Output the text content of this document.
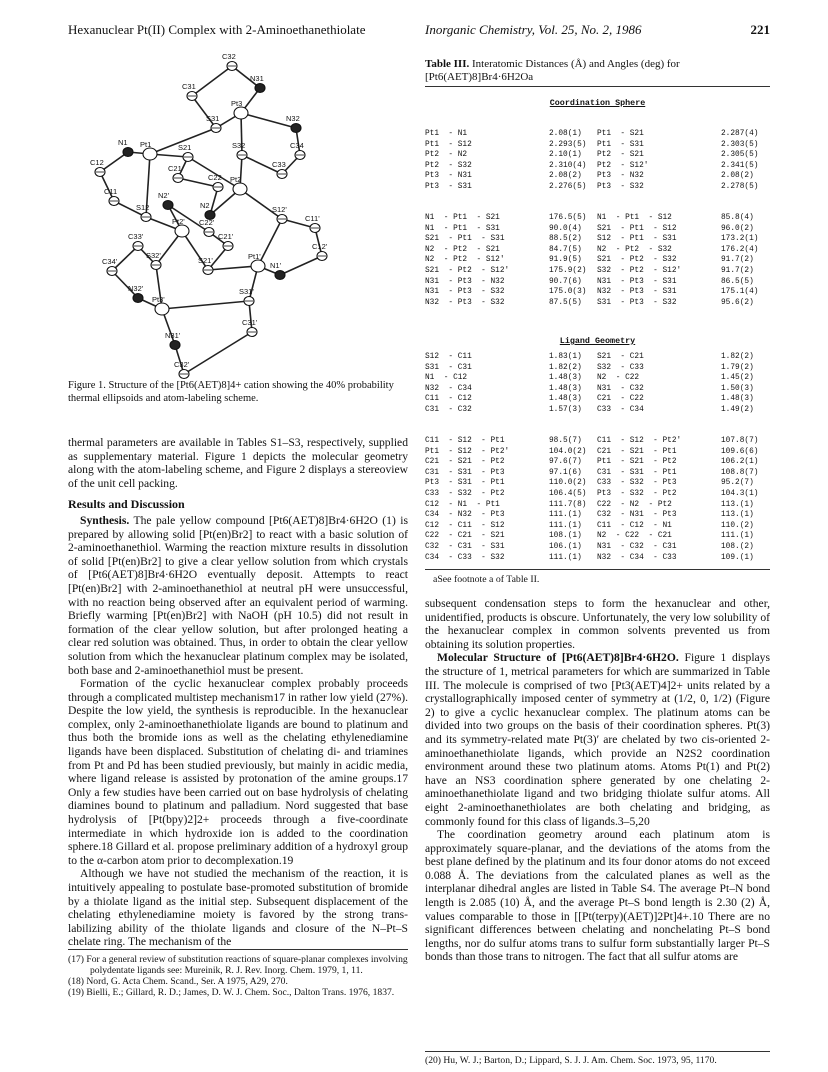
Hexanuclear Pt(II) Complex with 2-Aminoethanethiolate	Inorganic Chemistry, Vol. 25, No. 2, 1986	221
C32
N31
C31
Pt3
S31	N32
N1 Pt1	S21	S32	C34
C12
C21	C33
C22 Pt2
C11	N2'
N2
S12	S12'
Pt2' C22'	C11'
C21'
C33'
C12'
S32'
S21'	Pt1'
C34'	N1'
N32'	S31'
Pt3'
C31'
N31'
C32'
Figure 1. Structure of the [Pt6(AET)8]4+ cation showing the 40% probability thermal ellipsoids and atom-labeling scheme.

thermal parameters are available in Tables S1–S3, respectively, supplied as supplementary material. Figure 1 depicts the molecular geometry along with the atom-labeling scheme, and Figure 2 displays a stereoview of the unit cell packing.

Results and Discussion

Synthesis. The pale yellow compound [Pt6(AET)8]Br4·6H2O (1) is prepared by allowing solid [Pt(en)Br2] to react with a basic solution of 2-aminoethanethiol. Warming the reaction mixture results in dissolution of solid [Pt(en)Br2] to give a clear yellow solution from which crystals of [Pt6(AET)8]Br4·6H2O eventually deposit. Attempts to react [Pt(en)Br2] with 2-aminoethanethiol at neutral pH were unsuccessful, with no reaction being observed after an equivalent period of warming. Briefly warming [Pt(en)Br2] with NaOH (pH 10.5) did not result in formation of the clear yellow solution, but after prolonged heating a clear red solution was obtained. Thus, in order to obtain the clear yellow solution from which the hexanuclear platinum complex may be isolated, both base and 2-aminoethanethiol must be present.

Formation of the cyclic hexanuclear complex probably proceeds through a complicated multistep mechanism17 in rather low yield (27%). Despite the low yield, the synthesis is reproducible. In the hexanuclear complex, only 2-aminoethanethiolate ligands are bound to platinum and thus both the bromide ions as well as the chelating ethylenediamine ligands have been displaced. Substitution of chelating di- and triamines from Pt and Pd has been studied previously, but mainly in acidic media, where ligand release is assisted by protonation of the amine groups.17 Only a few studies have been carried out on base hydrolysis of chelating diamines bound to platinum and palladium. Nord suggested that base hydrolysis of [Pt(bpy)2]2+ proceeds through a five-coordinate intermediate in which hydroxide ion is added to the coordination sphere.18 Gillard et al. propose preliminary addition of a hydroxyl group to the α-carbon atom prior to decomplexation.19

Although we have not studied the mechanism of the reaction, it is intuitively appealing to postulate base-promoted substitution of bromide by a thiolate ligand as the initial step. Subsequent displacement of the chelating ethylenediamine moiety is favored by the strong trans-labilizing ability of the thiolate ligands and closure of the N–Pt–S chelate ring. The mechanism of the

(17) For a general review of substitution reactions of square-planar complexes involving polydentate ligands see: Mureinik, R. J. Rev. Inorg. Chem. 1979, 1, 11.
(18) Nord, G. Acta Chem. Scand., Ser. A 1975, A29, 270.
(19) Bielli, E.; Gillard, R. D.; James, D. W. J. Chem. Soc., Dalton Trans. 1976, 1837.
Table III. Interatomic Distances (Å) and Angles (deg) for [Pt6(AET)8]Br4·6H2Oa
Coordination Sphere
Pt1  - N1	2.08(1)	Pt1  - S21	2.287(4)
Pt1  - S12	2.293(5)	Pt1  - S31	2.303(5)
Pt2  - N2	2.10(1)	Pt2  - S21	2.305(5)
Pt2  - S32	2.310(4)	Pt2  - S12'	2.341(5)
Pt3  - N31	2.08(2)	Pt3  - N32	2.08(2)
Pt3  - S31	2.276(5)	Pt3  - S32	2.278(5)
N1  - Pt1  - S21	176.5(5)	N1  - Pt1  - S12	85.8(4)
N1  - Pt1  - S31	90.0(4)	S21  - Pt1  - S12	96.0(2)
S21  - Pt1  - S31	88.5(2)	S12  - Pt1  - S31	173.2(1)
N2  - Pt2  - S21	84.7(5)	N2  - Pt2  - S32	176.2(4)
N2  - Pt2  - S12'	91.9(5)	S21  - Pt2  - S32	91.7(2)
S21  - Pt2  - S12'	175.9(2)	S32  - Pt2  - S12'	91.7(2)
N31  - Pt3  - N32	90.7(6)	N31  - Pt3  - S31	86.5(5)
N31  - Pt3  - S32	175.0(3)	N32  - Pt3  - S31	175.1(4)
N32  - Pt3  - S32	87.5(5)	S31  - Pt3  - S32	95.6(2)
Ligand Geometry
S12  - C11	1.83(1)	S21  - C21	1.82(2)
S31  - C31	1.82(2)	S32  - C33	1.79(2)
N1  - C12	1.48(3)	N2  - C22	1.45(2)
N32  - C34	1.48(3)	N31  - C32	1.50(3)
C11  - C12	1.48(3)	C21  - C22	1.48(3)
C31  - C32	1.57(3)	C33  - C34	1.49(2)
C11  - S12  - Pt1	98.5(7)	C11  - S12  - Pt2'	107.8(7)
Pt1  - S12  - Pt2'	104.0(2)	C21  - S21  - Pt1	109.6(6)
C21  - S21  - Pt2	97.6(7)	Pt1  - S21  - Pt2	106.2(1)
C31  - S31  - Pt3	97.1(6)	C31  - S31  - Pt1	108.8(7)
Pt3  - S31  - Pt1	110.0(2)	C33  - S32  - Pt3	95.2(7)
C33  - S32  - Pt2	106.4(5)	Pt3  - S32  - Pt2	104.3(1)
C12  - N1  - Pt1	111.7(8)	C22  - N2  - Pt2	113.(1)
C34  - N32  - Pt3	111.(1)	C32  - N31  - Pt3	113.(1)
C12  - C11  - S12	111.(1)	C11  - C12  - N1	110.(2)
C22  - C21  - S21	108.(1)	N2  - C22  - C21	111.(1)
C32  - C31  - S31	106.(1)	N31  - C32  - C31	108.(2)
C34  - C33  - S32	111.(1)	N32  - C34  - C33	109.(1)
aSee footnote a of Table II.

subsequent condensation steps to form the hexanuclear and other, unidentified, products is obscure. Unfortunately, the very low solubility of the hexanuclear complex in common solvents prevented us from obtaining its solution properties.

Molecular Structure of [Pt6(AET)8]Br4·6H2O. Figure 1 displays the structure of 1, metrical parameters for which are summarized in Table III. The molecule is comprised of two [Pt3(AET)4]2+ units related by a crystallographically imposed center of symmetry at (1/2, 0, 1/2) (Figure 2) to give a cyclic hexanuclear complex. The platinum atoms can be divided into two groups on the basis of their coordination spheres. Pt(3) and its symmetry-related mate Pt(3)′ are chelated by two cis-oriented 2-aminoethanethiolate ligands, which provide an N2S2 coordination environment around these two platinum atoms. Atoms Pt(1) and Pt(2) have an NS3 coordination sphere generated by one chelating 2-aminoethanethiolate ligand and two bridging thiolate sulfur atoms. All eight 2-aminoethanethiolates are both chelating and bridging, as commonly found for this class of ligands.3–5,20

The coordination geometry around each platinum atom is approximately square-planar, and the deviations of the atoms from the best plane defined by the platinum and its four donor atoms do not exceed 0.088 Å. The deviations from the calculated planes as well as the interplanar dihedral angles are listed in Table S4. The average Pt–N bond length is 2.085 (10) Å, and the average Pt–S bond length is 2.30 (2) Å, values comparable to those in [[Pt(terpy)(AET)]2Pt]4+.10 There are no significant differences between chelating and nonchelating Pt–S bond lengths, nor do sulfur atoms trans to sulfur form substantially larger Pt–S bonds than those trans to nitrogen. The fact that all sulfur atoms are

(20) Hu, W. J.; Barton, D.; Lippard, S. J. J. Am. Chem. Soc. 1973, 95, 1170.
